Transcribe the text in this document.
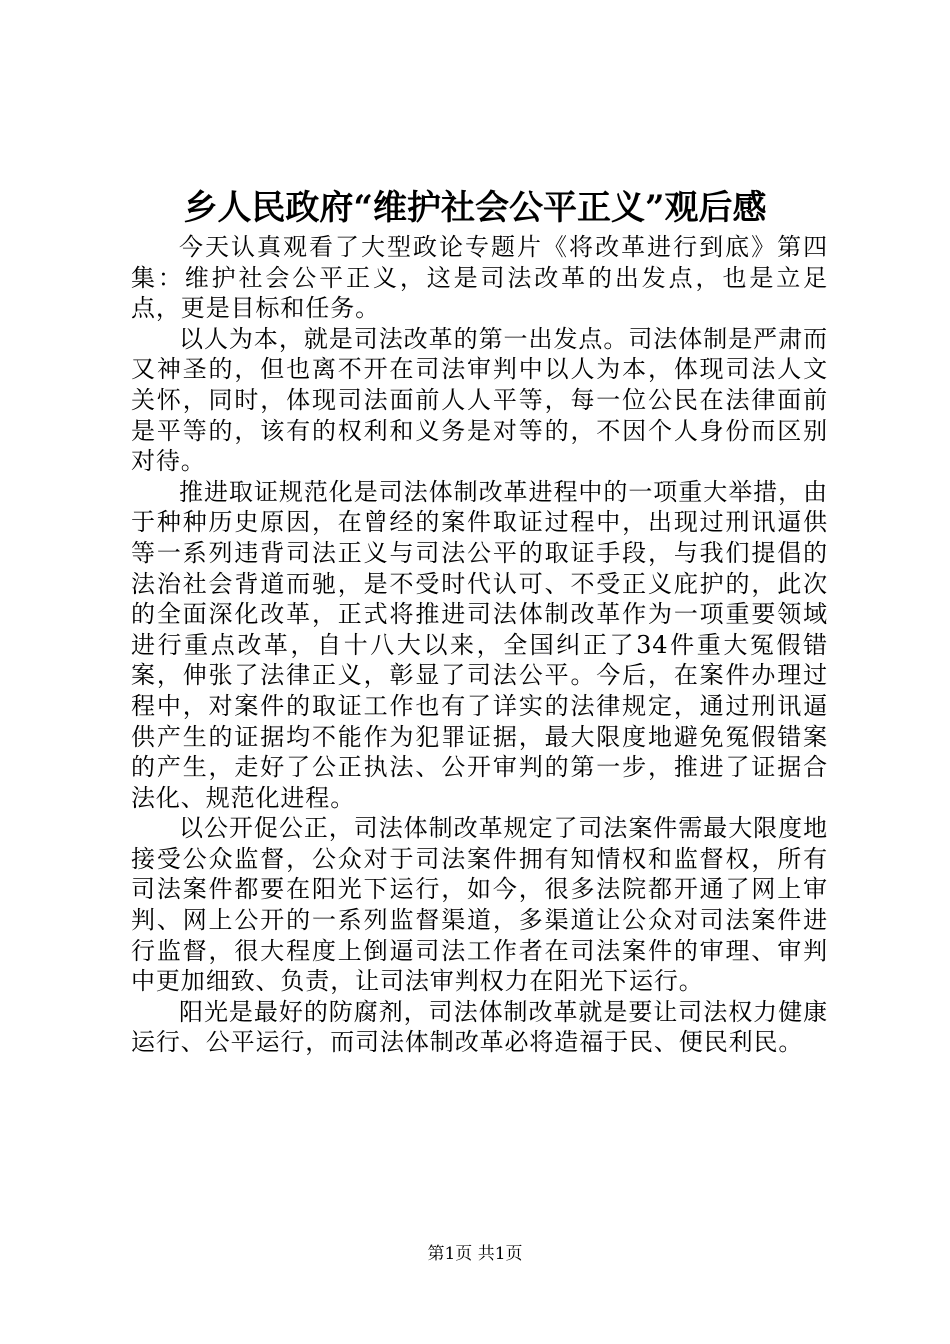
乡人民政府“维护社会公平正义”观后感

今天认真观看了大型政论专题片《将改革进行到底》第四集：维护社会公平正义，这是司法改革的出发点，也是立足点，更是目标和任务。

以人为本，就是司法改革的第一出发点。司法体制是严肃而又神圣的，但也离不开在司法审判中以人为本，体现司法人文关怀，同时，体现司法面前人人平等，每一位公民在法律面前是平等的，该有的权利和义务是对等的，不因个人身份而区别对待。

推进取证规范化是司法体制改革进程中的一项重大举措，由于种种历史原因，在曾经的案件取证过程中，出现过刑讯逼供等一系列违背司法正义与司法公平的取证手段，与我们提倡的法治社会背道而驰，是不受时代认可、不受正义庇护的，此次的全面深化改革，正式将推进司法体制改革作为一项重要领域进行重点改革，自十八大以来，全国纠正了34件重大冤假错案，伸张了法律正义，彰显了司法公平。今后，在案件办理过程中，对案件的取证工作也有了详实的法律规定，通过刑讯逼供产生的证据均不能作为犯罪证据，最大限度地避免冤假错案的产生，走好了公正执法、公开审判的第一步，推进了证据合法化、规范化进程。

以公开促公正，司法体制改革规定了司法案件需最大限度地接受公众监督，公众对于司法案件拥有知情权和监督权，所有司法案件都要在阳光下运行，如今，很多法院都开通了网上审判、网上公开的一系列监督渠道，多渠道让公众对司法案件进行监督，很大程度上倒逼司法工作者在司法案件的审理、审判中更加细致、负责，让司法审判权力在阳光下运行。

阳光是最好的防腐剂，司法体制改革就是要让司法权力健康运行、公平运行，而司法体制改革必将造福于民、便民利民。

第1页 共1页
